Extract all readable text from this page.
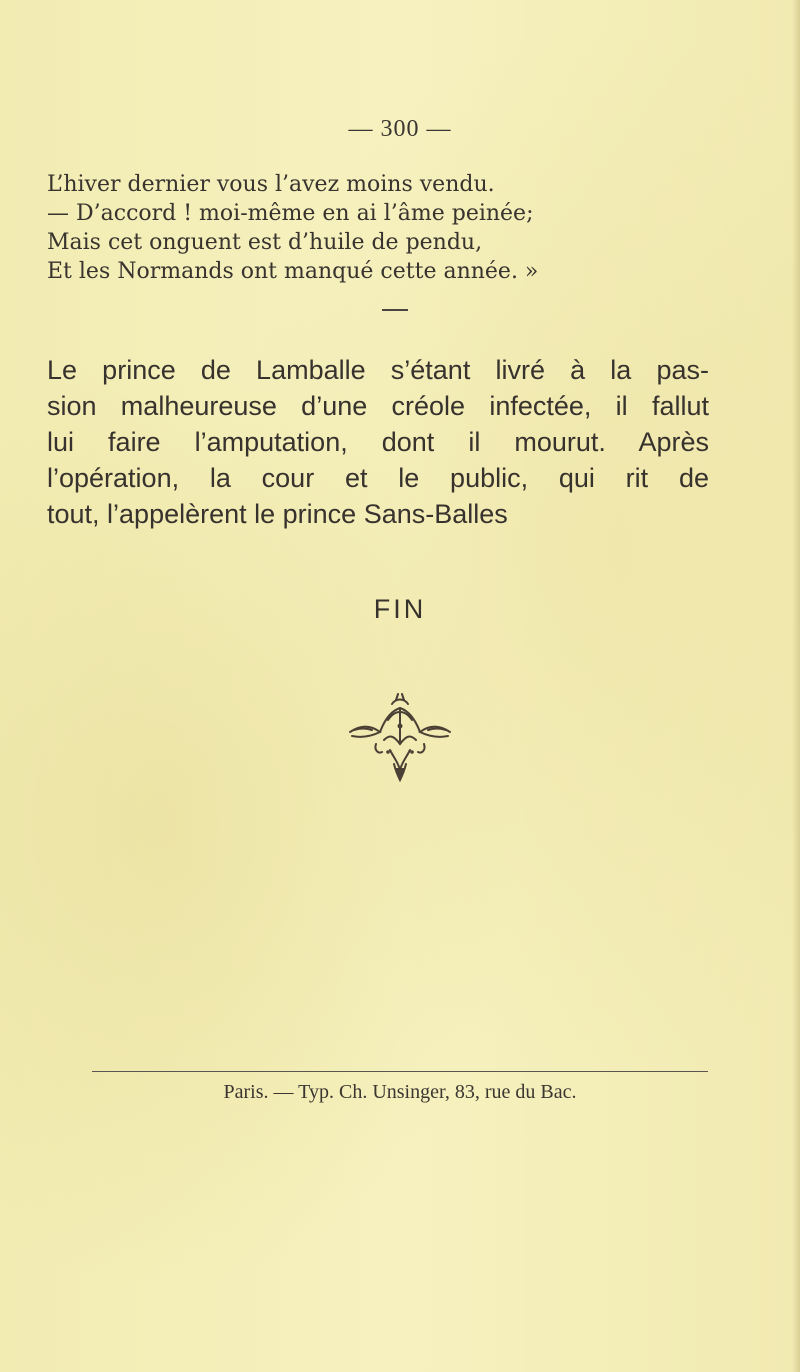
— 300 —
L’hiver dernier vous l’avez moins vendu.
— D’accord ! moi-même en ai l’âme peinée;
Mais cet onguent est d’huile de pendu,
Et les Normands ont manqué cette année. »
Le prince de Lamballe s’étant livré à la pas-
sion malheureuse d’une créole infectée, il fallut
lui faire l’amputation, dont il mourut. Après
l’opération, la cour et le public, qui rit de
tout, l’appelèrent le prince Sans-Balles
FIN
Paris. — Typ. Ch. Unsinger, 83, rue du Bac.
